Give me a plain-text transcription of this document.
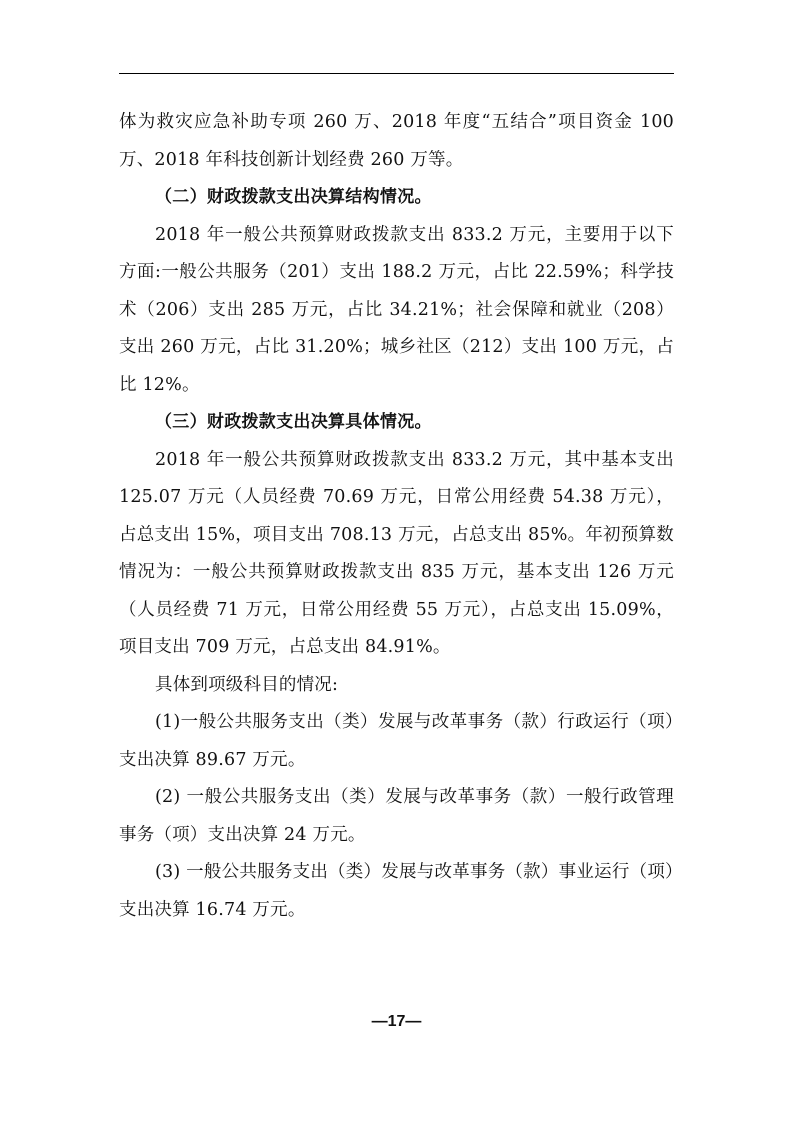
体为救灾应急补助专项 260 万、2018 年度“五结合”项目资金 100 万、2018 年科技创新计划经费 260 万等。

（二）财政拨款支出决算结构情况。

2018 年一般公共预算财政拨款支出 833.2 万元，主要用于以下方面:一般公共服务（201）支出 188.2 万元，占比 22.59%；科学技术（206）支出 285 万元，占比 34.21%；社会保障和就业（208）支出 260 万元，占比 31.20%；城乡社区（212）支出 100 万元，占比 12%。

（三）财政拨款支出决算具体情况。

2018 年一般公共预算财政拨款支出 833.2 万元，其中基本支出 125.07 万元（人员经费 70.69 万元，日常公用经费 54.38 万元），占总支出 15%，项目支出 708.13 万元，占总支出 85%。年初预算数情况为：一般公共预算财政拨款支出 835 万元，基本支出 126 万元（人员经费 71 万元，日常公用经费 55 万元），占总支出 15.09%，项目支出 709 万元，占总支出 84.91%。

具体到项级科目的情况:

(1)一般公共服务支出（类）发展与改革事务（款）行政运行（项）支出决算 89.67 万元。

(2) 一般公共服务支出（类）发展与改革事务（款）一般行政管理事务（项）支出决算 24 万元。

(3) 一般公共服务支出（类）发展与改革事务（款）事业运行（项）支出决算 16.74 万元。

—17—
